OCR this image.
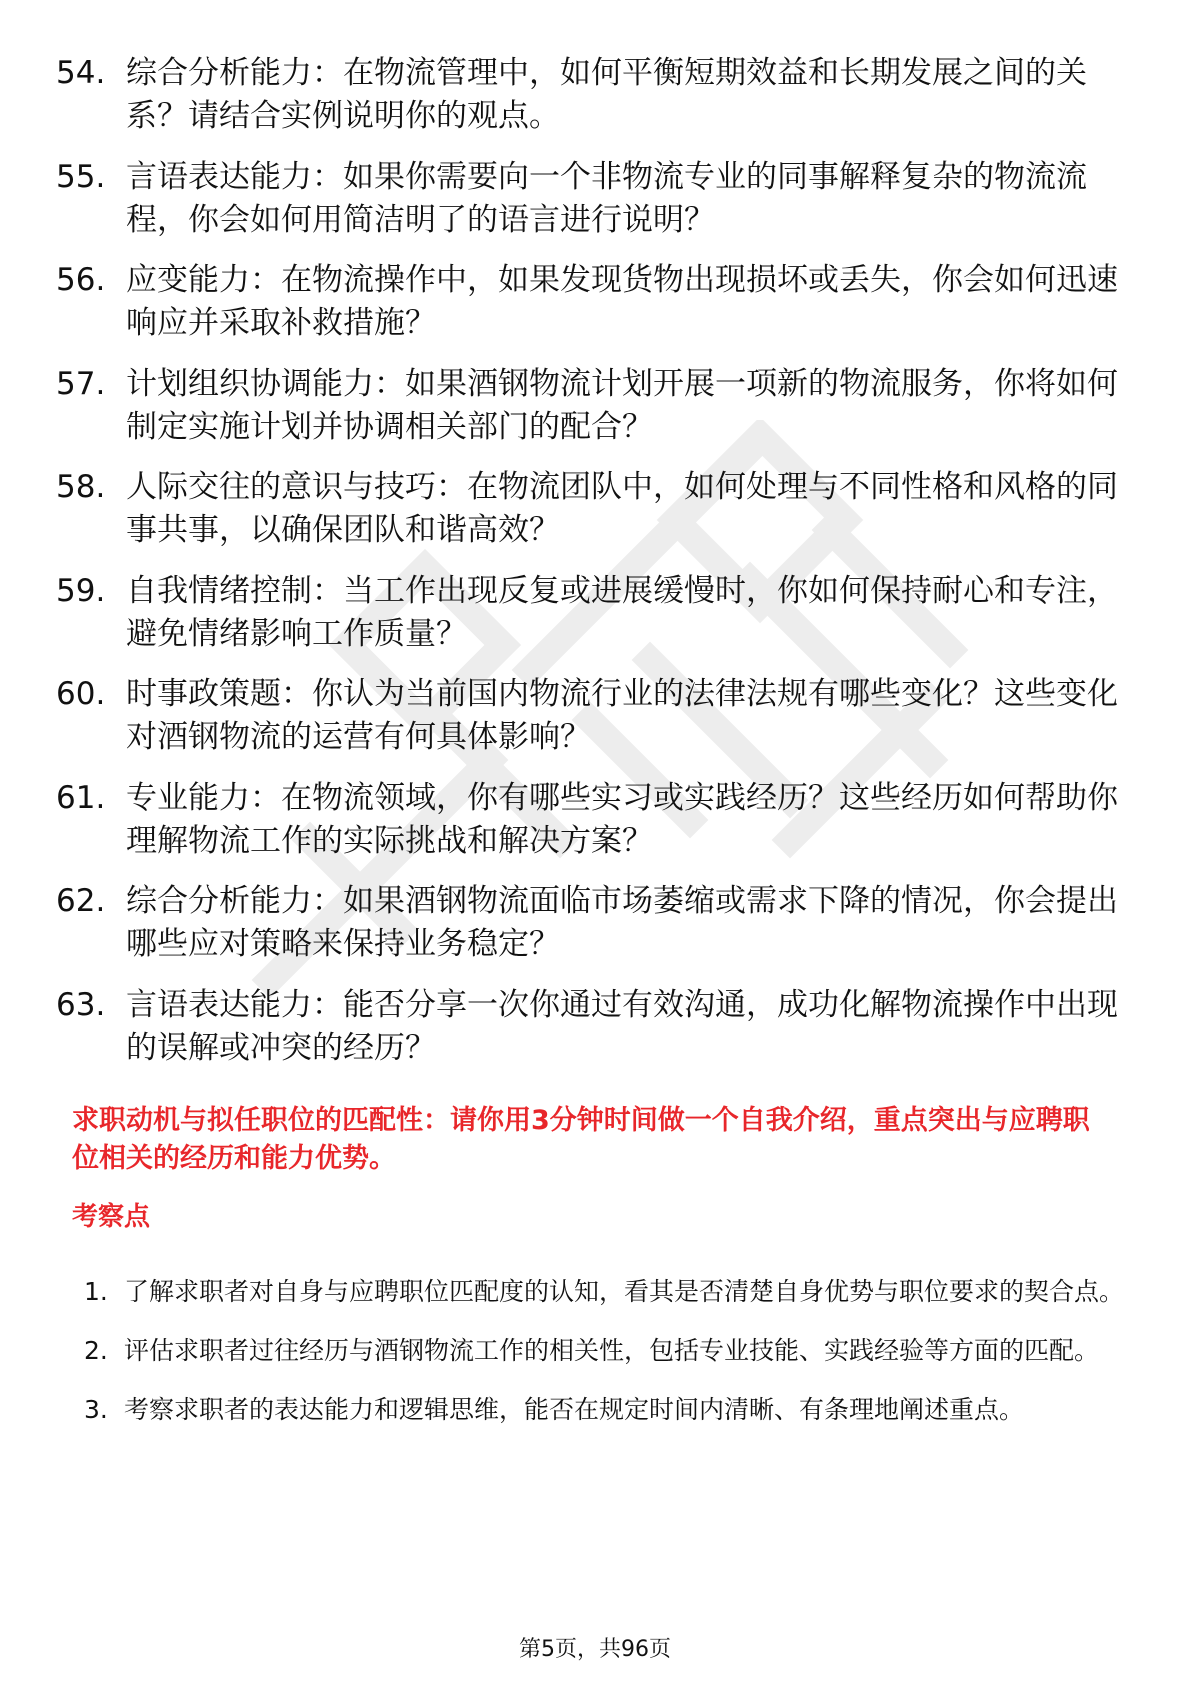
54. 综合分析能力：在物流管理中，如何平衡短期效益和长期发展之间的关系？请结合实例说明你的观点。
55. 言语表达能力：如果你需要向一个非物流专业的同事解释复杂的物流流程，你会如何用简洁明了的语言进行说明？
56. 应变能力：在物流操作中，如果发现货物出现损坏或丢失，你会如何迅速响应并采取补救措施？
57. 计划组织协调能力：如果酒钢物流计划开展一项新的物流服务，你将如何制定实施计划并协调相关部门的配合？
58. 人际交往的意识与技巧：在物流团队中，如何处理与不同性格和风格的同事共事，以确保团队和谐高效？
59. 自我情绪控制：当工作出现反复或进展缓慢时，你如何保持耐心和专注，避免情绪影响工作质量？
60. 时事政策题：你认为当前国内物流行业的法律法规有哪些变化？这些变化对酒钢物流的运营有何具体影响？
61. 专业能力：在物流领域，你有哪些实习或实践经历？这些经历如何帮助你理解物流工作的实际挑战和解决方案？
62. 综合分析能力：如果酒钢物流面临市场萎缩或需求下降的情况，你会提出哪些应对策略来保持业务稳定？
63. 言语表达能力：能否分享一次你通过有效沟通，成功化解物流操作中出现的误解或冲突的经历？
求职动机与拟任职位的匹配性：请你用3分钟时间做一个自我介绍，重点突出与应聘职位相关的经历和能力优势。
考察点
1. 了解求职者对自身与应聘职位匹配度的认知，看其是否清楚自身优势与职位要求的契合点。
2. 评估求职者过往经历与酒钢物流工作的相关性，包括专业技能、实践经验等方面的匹配。
3. 考察求职者的表达能力和逻辑思维，能否在规定时间内清晰、有条理地阐述重点。
第5页，共96页
